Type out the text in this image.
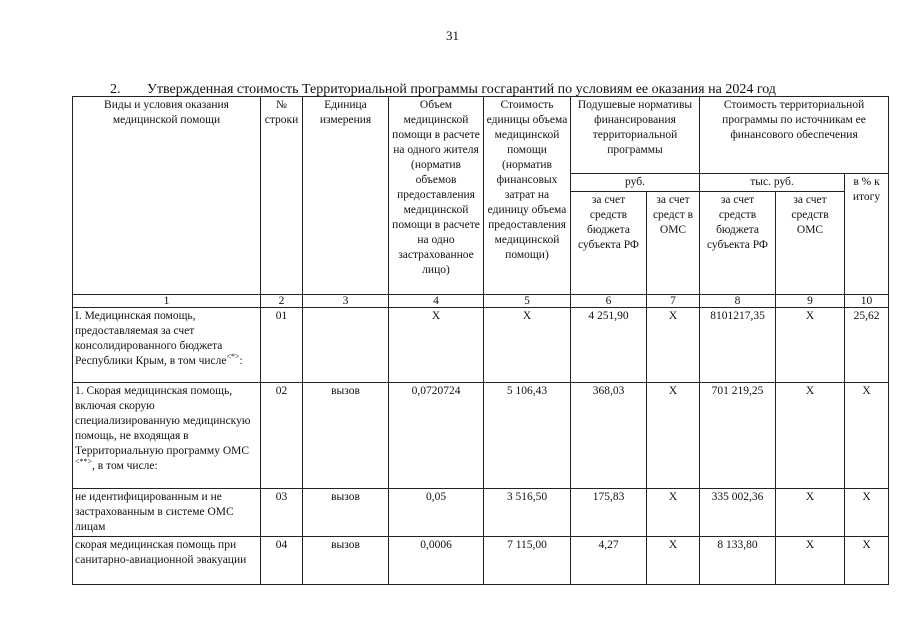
31
2. Утвержденная стоимость Территориальной программы госгарантий по условиям ее оказания на 2024 год
Виды и условия оказания медицинской помощи	№ строки	Единица измерения	Объем медицинской помощи в расчете на одного жителя (норматив объемов предоставления медицинской помощи в расчете на одно застрахованное лицо)	Стоимость единицы объема медицинской помощи (норматив финансовых затрат на единицу объема предоставления медицинской помощи)	Подушевые нормативы финансирования территориальной программы		Стоимость территориальной программы по источникам ее финансового обеспечения		
					руб.		тыс. руб.		в % к итогу
					за счет средств бюджета субъекта РФ	за счет средст в ОМС	за счет средств бюджета субъекта РФ	за счет средств ОМС	
1	2	3	4	5	6	7	8	9	10
I. Медицинская помощь, предоставляемая за счет консолидированного бюджета Республики Крым, в том числе<*>:	01		X	X	4 251,90	X	8101217,35	X	25,62
1. Скорая медицинская помощь, включая скорую специализированную медицинскую помощь, не входящая в Территориальную программу ОМС <**>, в том числе:	02	вызов	0,0720724	5 106,43	368,03	X	701 219,25	X	X
не идентифицированным и не застрахованным в системе ОМС лицам	03	вызов	0,05	3 516,50	175,83	X	335 002,36	X	X
скорая медицинская помощь при санитарно-авиационной эвакуации	04	вызов	0,0006	7 115,00	4,27	X	8 133,80	X	X
